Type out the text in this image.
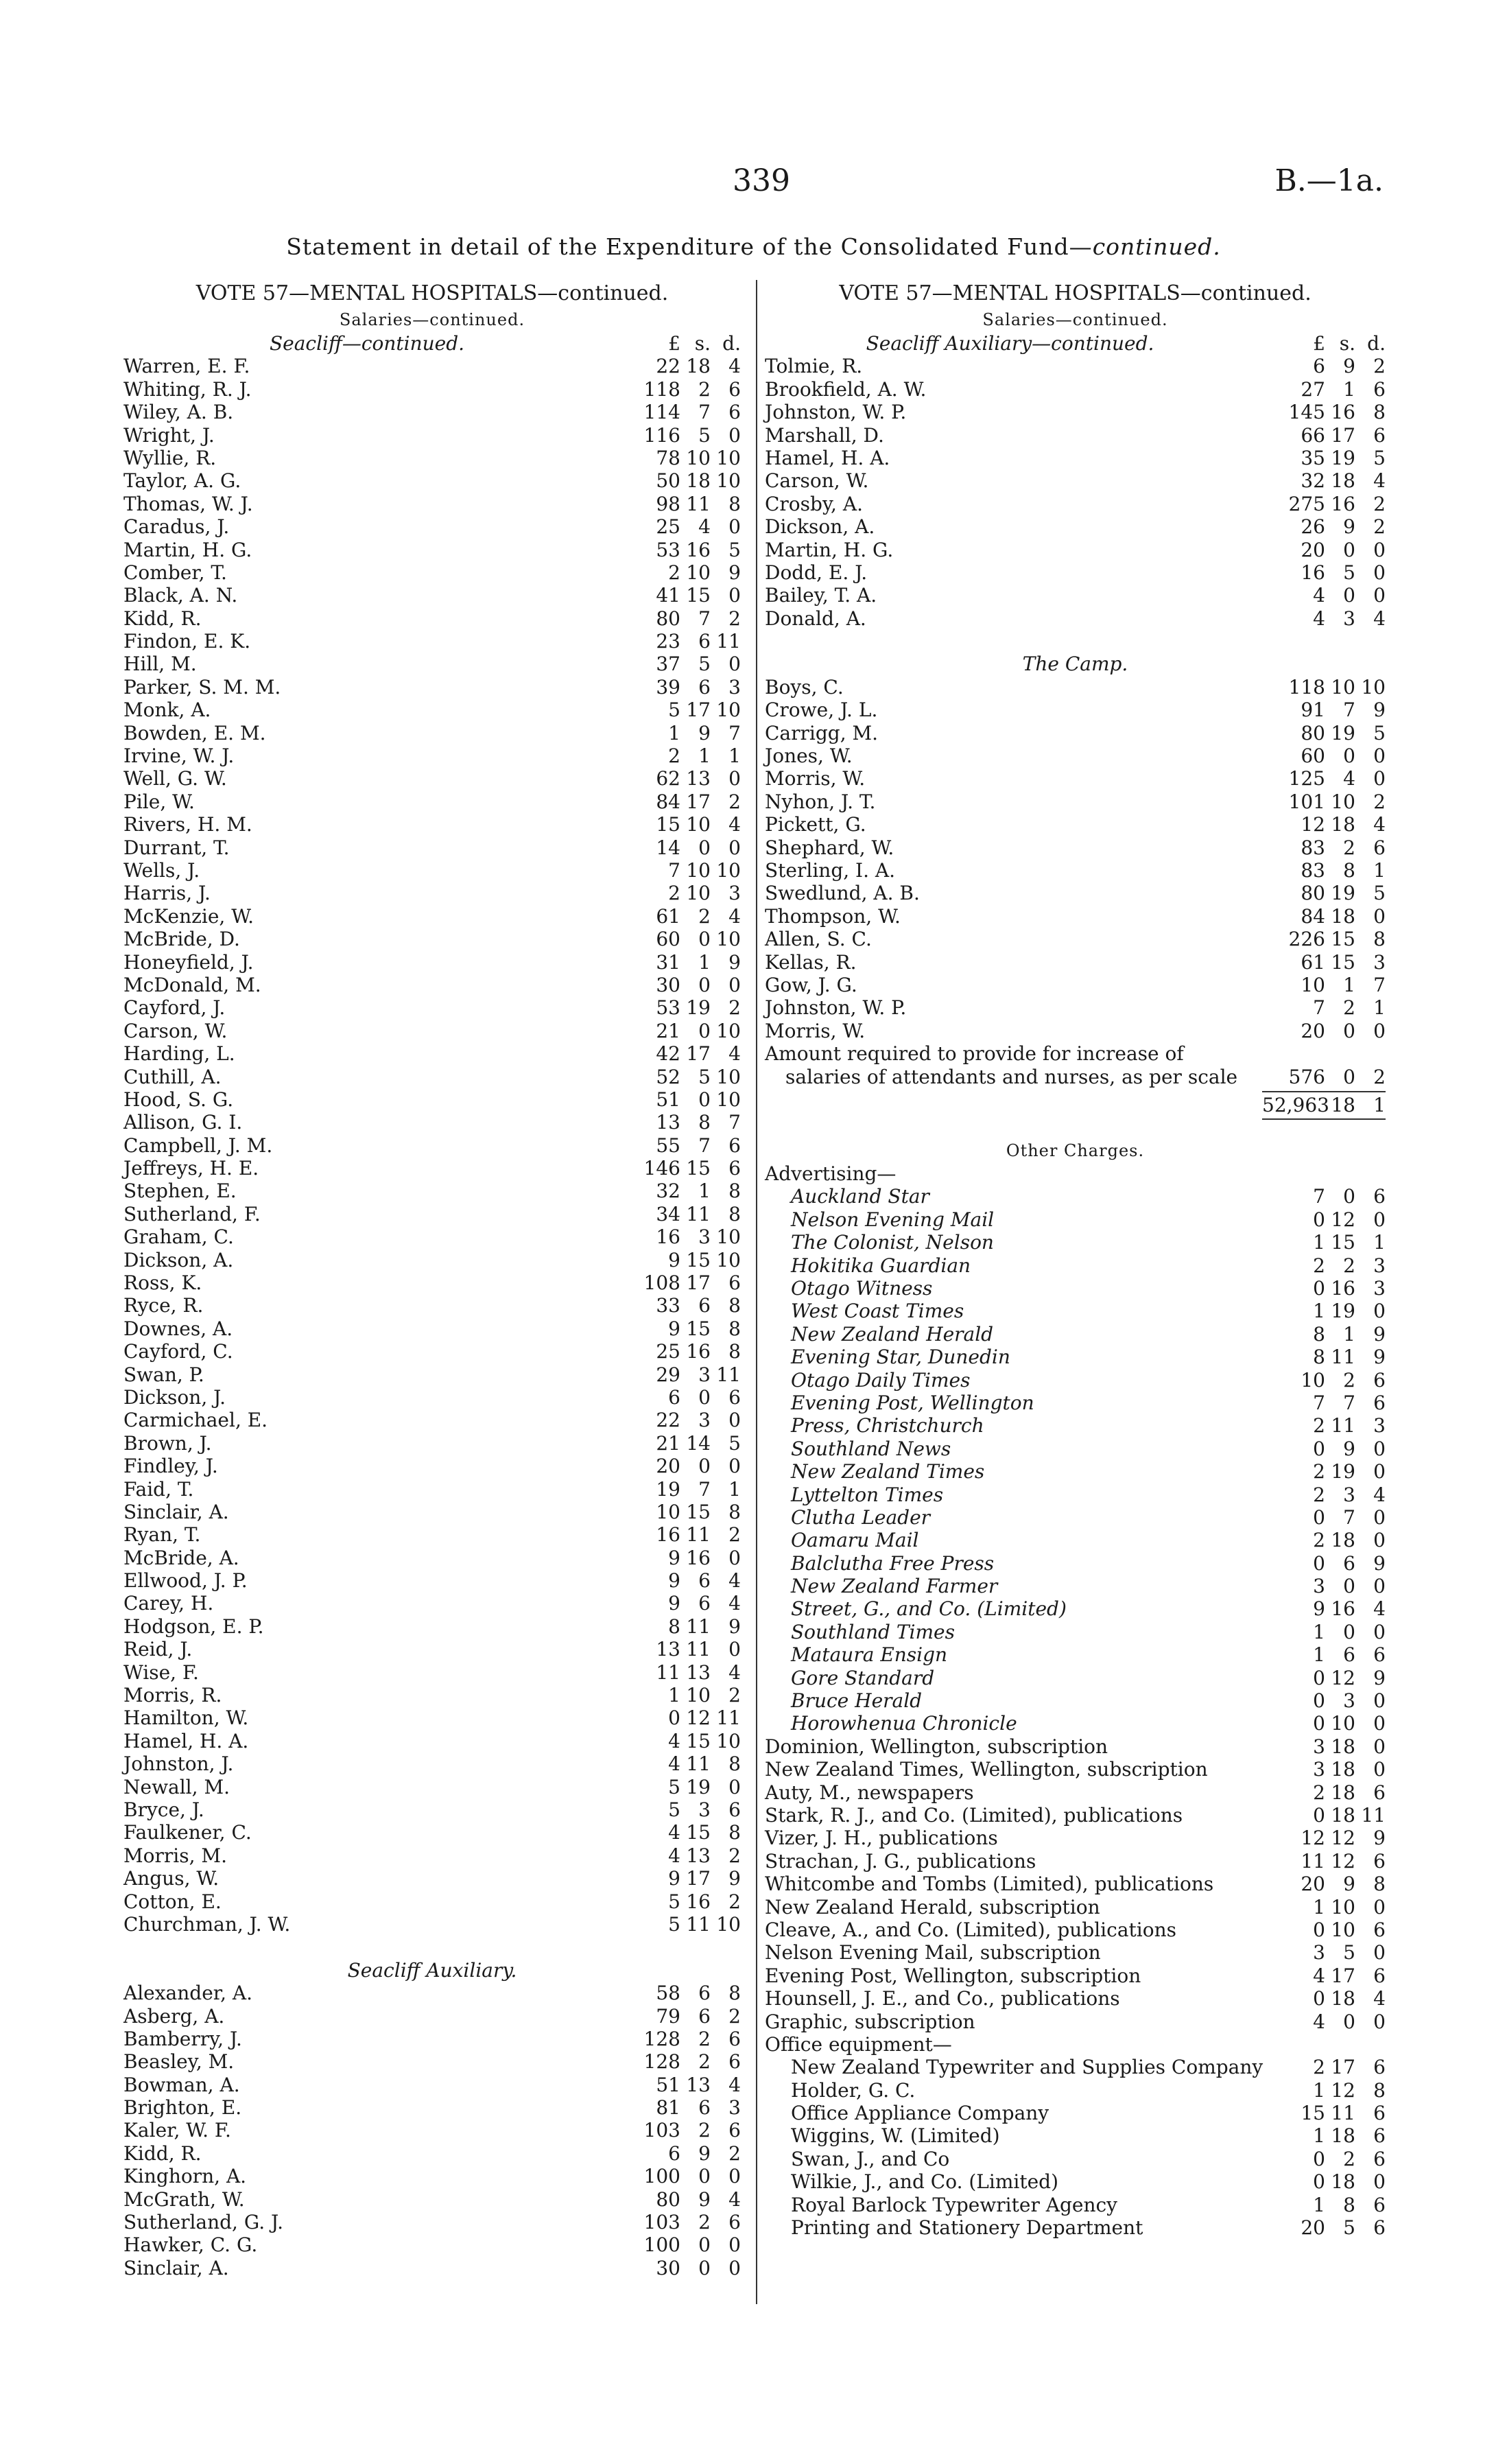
339	B.—1a.
Statement in detail of the Expenditure of the Consolidated Fund—continued.
VOTE 57—MENTAL HOSPITALS—continued.
Salaries—continued.
Seacliff—continued.	£ s. d.
Warren, E. F.	22 18 4
Whiting, R. J.	118 2 6
Wiley, A. B.	114 7 6
Wright, J.	116 5 0
Wyllie, R.	78 10 10
Taylor, A. G.	50 18 10
Thomas, W. J.	98 11 8
Caradus, J.	25 4 0
Martin, H. G.	53 16 5
Comber, T.	2 10 9
Black, A. N.	41 15 0
Kidd, R.	80 7 2
Findon, E. K.	23 6 11
Hill, M.	37 5 0
Parker, S. M. M.	39 6 3
Monk, A.	5 17 10
Bowden, E. M.	1 9 7
Irvine, W. J.	2 1 1
Well, G. W.	62 13 0
Pile, W.	84 17 2
Rivers, H. M.	15 10 4
Durrant, T.	14 0 0
Wells, J.	7 10 10
Harris, J.	2 10 3
McKenzie, W.	61 2 4
McBride, D.	60 0 10
Honeyfield, J.	31 1 9
McDonald, M.	30 0 0
Cayford, J.	53 19 2
Carson, W.	21 0 10
Harding, L.	42 17 4
Cuthill, A.	52 5 10
Hood, S. G.	51 0 10
Allison, G. I.	13 8 7
Campbell, J. M.	55 7 6
Jeffreys, H. E.	146 15 6
Stephen, E.	32 1 8
Sutherland, F.	34 11 8
Graham, C.	16 3 10
Dickson, A.	9 15 10
Ross, K.	108 17 6
Ryce, R.	33 6 8
Downes, A.	9 15 8
Cayford, C.	25 16 8
Swan, P.	29 3 11
Dickson, J.	6 0 6
Carmichael, E.	22 3 0
Brown, J.	21 14 5
Findley, J.	20 0 0
Faid, T.	19 7 1
Sinclair, A.	10 15 8
Ryan, T.	16 11 2
McBride, A.	9 16 0
Ellwood, J. P.	9 6 4
Carey, H.	9 6 4
Hodgson, E. P.	8 11 9
Reid, J.	13 11 0
Wise, F.	11 13 4
Morris, R.	1 10 2
Hamilton, W.	0 12 11
Hamel, H. A.	4 15 10
Johnston, J.	4 11 8
Newall, M.	5 19 0
Bryce, J.	5 3 6
Faulkener, C.	4 15 8
Morris, M.	4 13 2
Angus, W.	9 17 9
Cotton, E.	5 16 2
Churchman, J. W.	5 11 10
Seacliff Auxiliary.
Alexander, A.	58 6 8
Asberg, A.	79 6 2
Bamberry, J.	128 2 6
Beasley, M.	128 2 6
Bowman, A.	51 13 4
Brighton, E.	81 6 3
Kaler, W. F.	103 2 6
Kidd, R.	6 9 2
Kinghorn, A.	100 0 0
McGrath, W.	80 9 4
Sutherland, G. J.	103 2 6
Hawker, C. G.	100 0 0
Sinclair, A.	30 0 0
VOTE 57—MENTAL HOSPITALS—continued.
Salaries—continued.
Seacliff Auxiliary—continued.	£ s. d.
Tolmie, R.	6 9 2
Brookfield, A. W.	27 1 6
Johnston, W. P.	145 16 8
Marshall, D.	66 17 6
Hamel, H. A.	35 19 5
Carson, W.	32 18 4
Crosby, A.	275 16 2
Dickson, A.	26 9 2
Martin, H. G.	20 0 0
Dodd, E. J.	16 5 0
Bailey, T. A.	4 0 0
Donald, A.	4 3 4
The Camp.
Boys, C.	118 10 10
Crowe, J. L.	91 7 9
Carrigg, M.	80 19 5
Jones, W.	60 0 0
Morris, W.	125 4 0
Nyhon, J. T.	101 10 2
Pickett, G.	12 18 4
Shephard, W.	83 2 6
Sterling, I. A.	83 8 1
Swedlund, A. B.	80 19 5
Thompson, W.	84 18 0
Allen, S. C.	226 15 8
Kellas, R.	61 15 3
Gow, J. G.	10 1 7
Johnston, W. P.	7 2 1
Morris, W.	20 0 0
Amount required to provide for increase of
salaries of attendants and nurses, as per scale	576 0 2
52,963 18 1
Other Charges.
Advertising—
Auckland Star	7 0 6
Nelson Evening Mail	0 12 0
The Colonist, Nelson	1 15 1
Hokitika Guardian	2 2 3
Otago Witness	0 16 3
West Coast Times	1 19 0
New Zealand Herald	8 1 9
Evening Star, Dunedin	8 11 9
Otago Daily Times	10 2 6
Evening Post, Wellington	7 7 6
Press, Christchurch	2 11 3
Southland News	0 9 0
New Zealand Times	2 19 0
Lyttelton Times	2 3 4
Clutha Leader	0 7 0
Oamaru Mail	2 18 0
Balclutha Free Press	0 6 9
New Zealand Farmer	3 0 0
Street, G., and Co. (Limited)	9 16 4
Southland Times	1 0 0
Mataura Ensign	1 6 6
Gore Standard	0 12 9
Bruce Herald	0 3 0
Horowhenua Chronicle	0 10 0
Dominion, Wellington, subscription	3 18 0
New Zealand Times, Wellington, subscription	3 18 0
Auty, M., newspapers	2 18 6
Stark, R. J., and Co. (Limited), publications	0 18 11
Vizer, J. H., publications	12 12 9
Strachan, J. G., publications	11 12 6
Whitcombe and Tombs (Limited), publications	20 9 8
New Zealand Herald, subscription	1 10 0
Cleave, A., and Co. (Limited), publications	0 10 6
Nelson Evening Mail, subscription	3 5 0
Evening Post, Wellington, subscription	4 17 6
Hounsell, J. E., and Co., publications	0 18 4
Graphic, subscription	4 0 0
Office equipment—
New Zealand Typewriter and Supplies Company	2 17 6
Holder, G. C.	1 12 8
Office Appliance Company	15 11 6
Wiggins, W. (Limited)	1 18 6
Swan, J., and Co	0 2 6
Wilkie, J., and Co. (Limited)	0 18 0
Royal Barlock Typewriter Agency	1 8 6
Printing and Stationery Department	20 5 6
